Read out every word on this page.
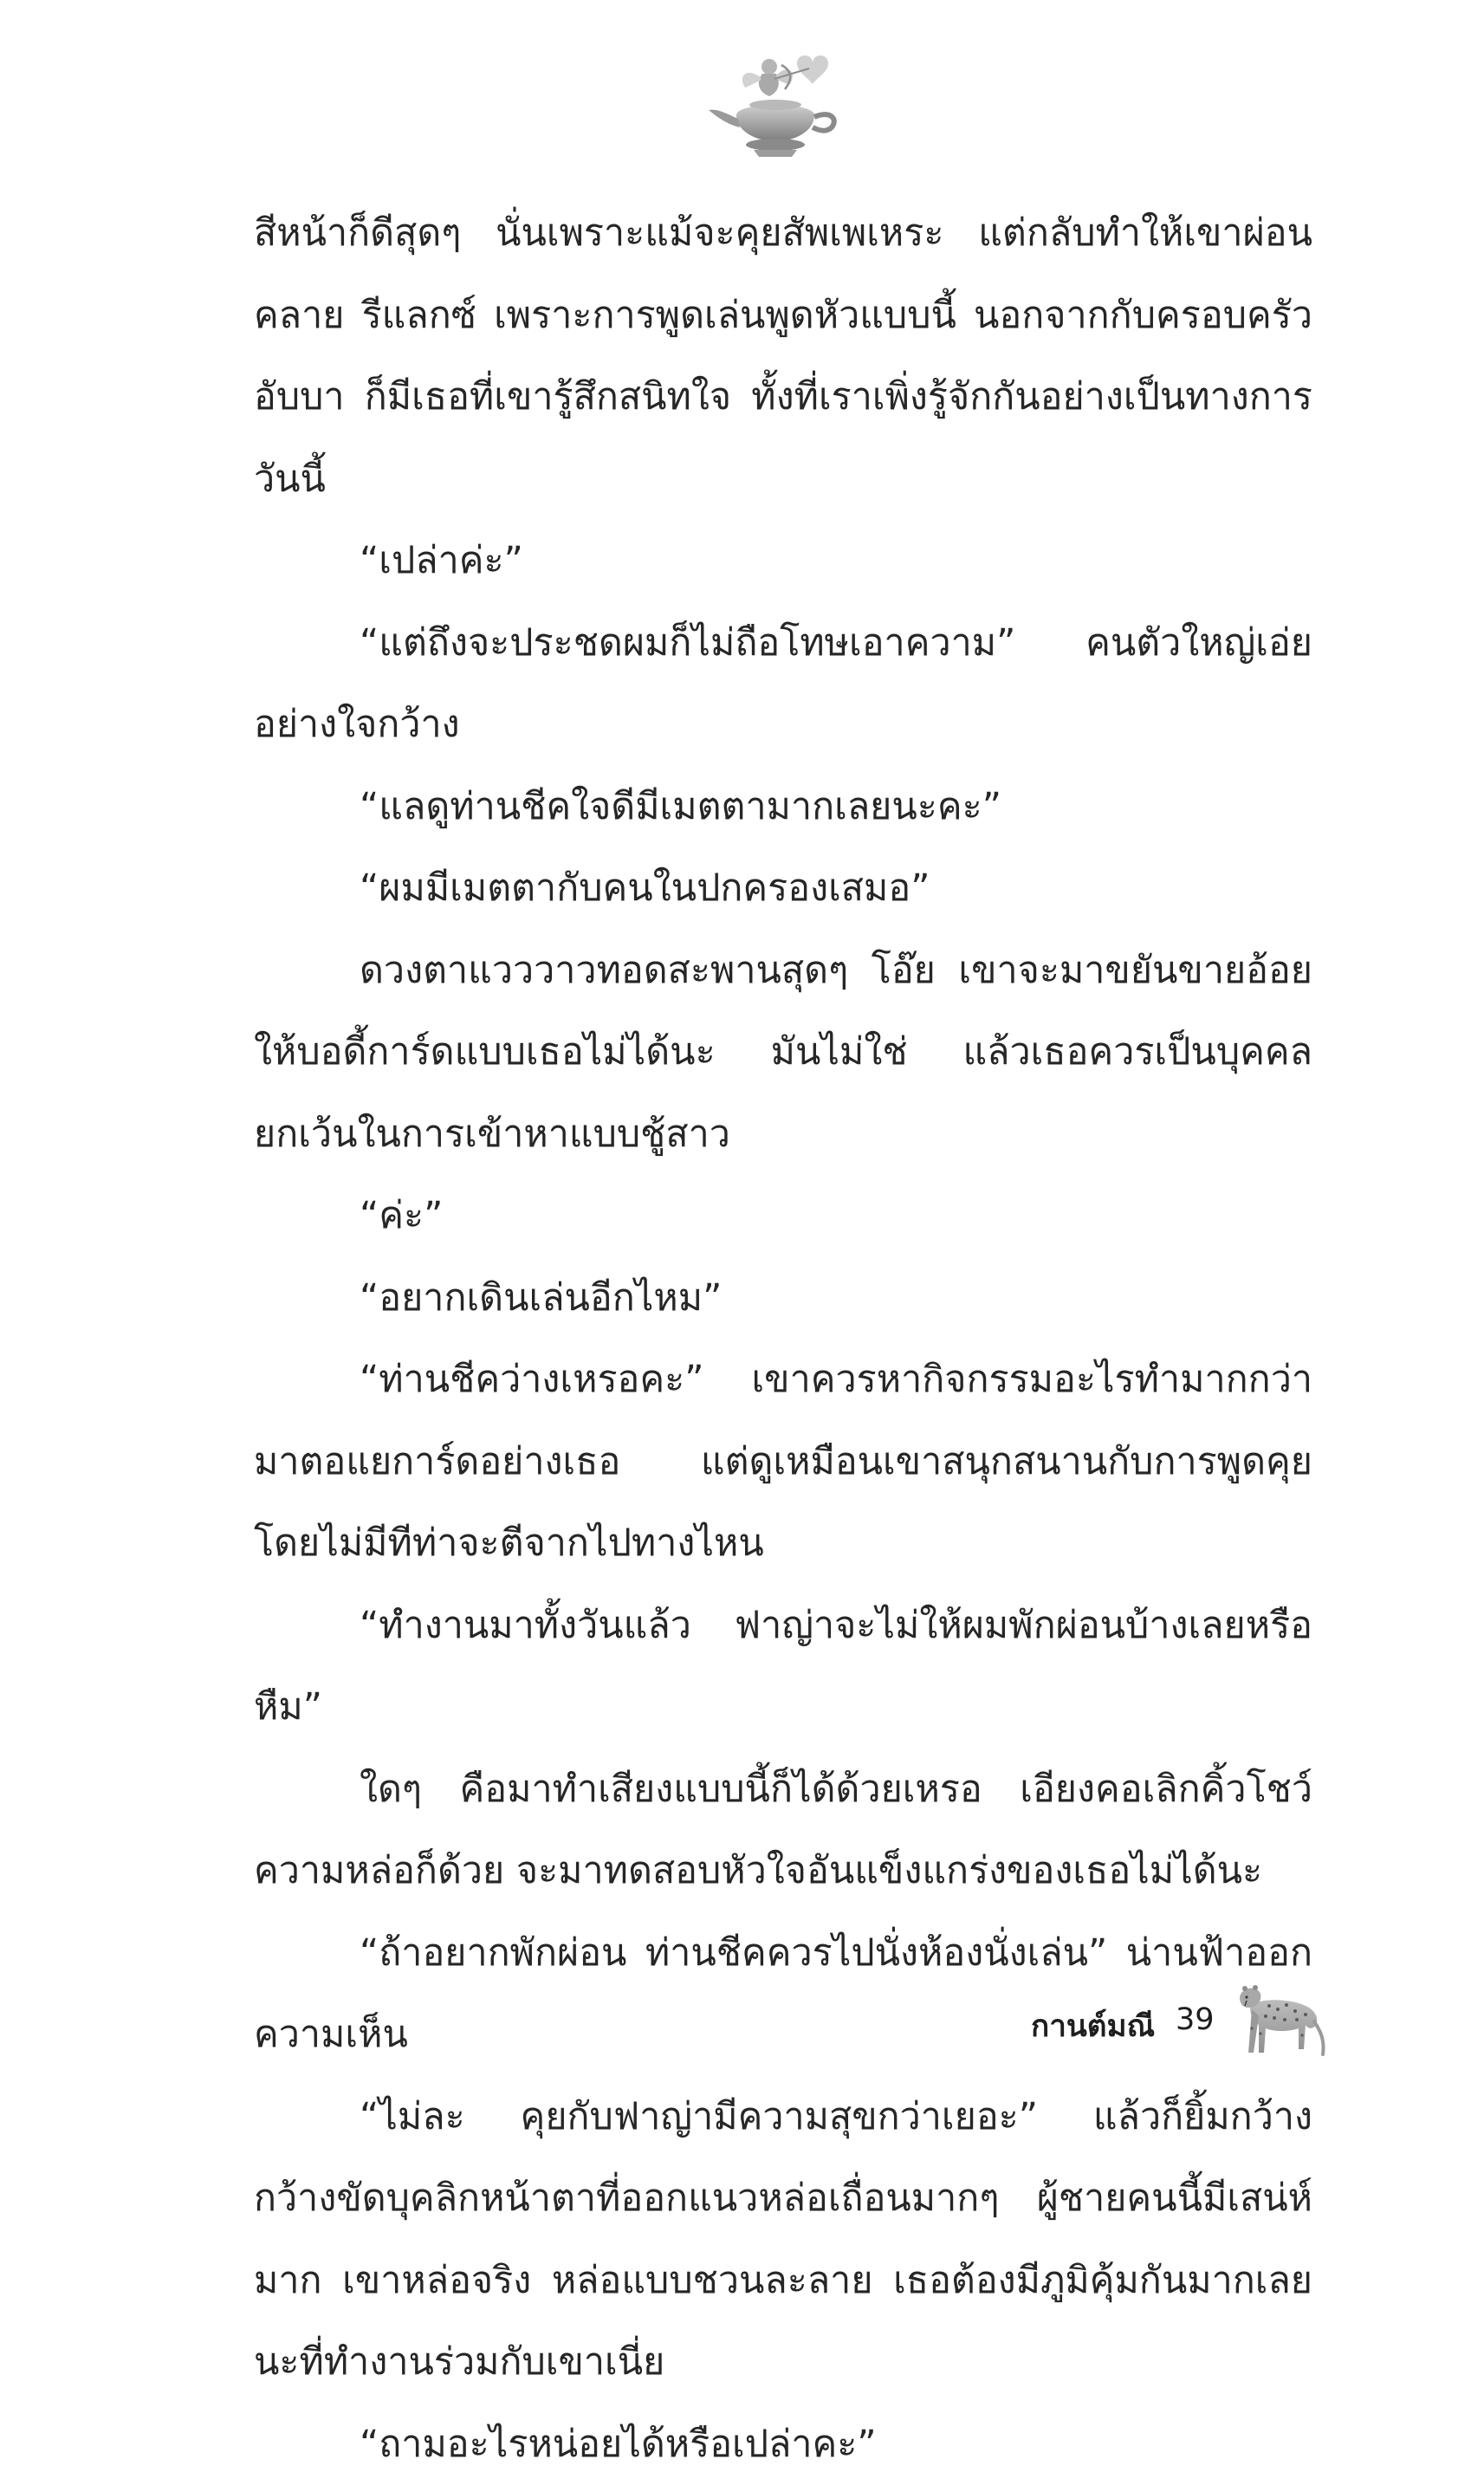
สีหน้าก็ดีสุดๆ นั่นเพราะแม้จะคุยสัพเพเหระ แต่กลับทำให้เขาผ่อนคลาย รีแลกซ์ เพราะการพูดเล่นพูดหัวแบบนี้ นอกจากกับครอบครัว อับบา ก็มีเธอที่เขารู้สึกสนิทใจ ทั้งที่เราเพิ่งรู้จักกันอย่างเป็นทางการวันนี้

“เปล่าค่ะ”

“แต่ถึงจะประชดผมก็ไม่ถือโทษเอาความ” คนตัวใหญ่เอ่ยอย่างใจกว้าง

“แลดูท่านชีคใจดีมีเมตตามากเลยนะคะ”

“ผมมีเมตตากับคนในปกครองเสมอ”

ดวงตาแวววาวทอดสะพานสุดๆ โอ๊ย เขาจะมาขยันขายอ้อยให้บอดี้การ์ดแบบเธอไม่ได้นะ มันไม่ใช่ แล้วเธอควรเป็นบุคคลยกเว้นในการเข้าหาแบบชู้สาว

“ค่ะ”

“อยากเดินเล่นอีกไหม”

“ท่านชีคว่างเหรอคะ” เขาควรหากิจกรรมอะไรทำมากกว่ามาตอแยการ์ดอย่างเธอ แต่ดูเหมือนเขาสนุกสนานกับการพูดคุย โดยไม่มีทีท่าจะตีจากไปทางไหน

“ทำงานมาทั้งวันแล้ว ฟาญ่าจะไม่ให้ผมพักผ่อนบ้างเลยหรือหืม”

ใดๆ คือมาทำเสียงแบบนี้ก็ได้ด้วยเหรอ เอียงคอเลิกคิ้วโชว์ความหล่อก็ด้วย จะมาทดสอบหัวใจอันแข็งแกร่งของเธอไม่ได้นะ

“ถ้าอยากพักผ่อน ท่านชีคควรไปนั่งห้องนั่งเล่น” น่านฟ้าออกความเห็น

“ไม่ละ คุยกับฟาญ่ามีความสุขกว่าเยอะ” แล้วก็ยิ้มกว้าง กว้างขัดบุคลิกหน้าตาที่ออกแนวหล่อเถื่อนมากๆ ผู้ชายคนนี้มีเสน่ห์มาก เขาหล่อจริง หล่อแบบชวนละลาย เธอต้องมีภูมิคุ้มกันมากเลยนะที่ทำงานร่วมกับเขาเนี่ย

“ถามอะไรหน่อยได้หรือเปล่าคะ”

กานต์มณี 39
